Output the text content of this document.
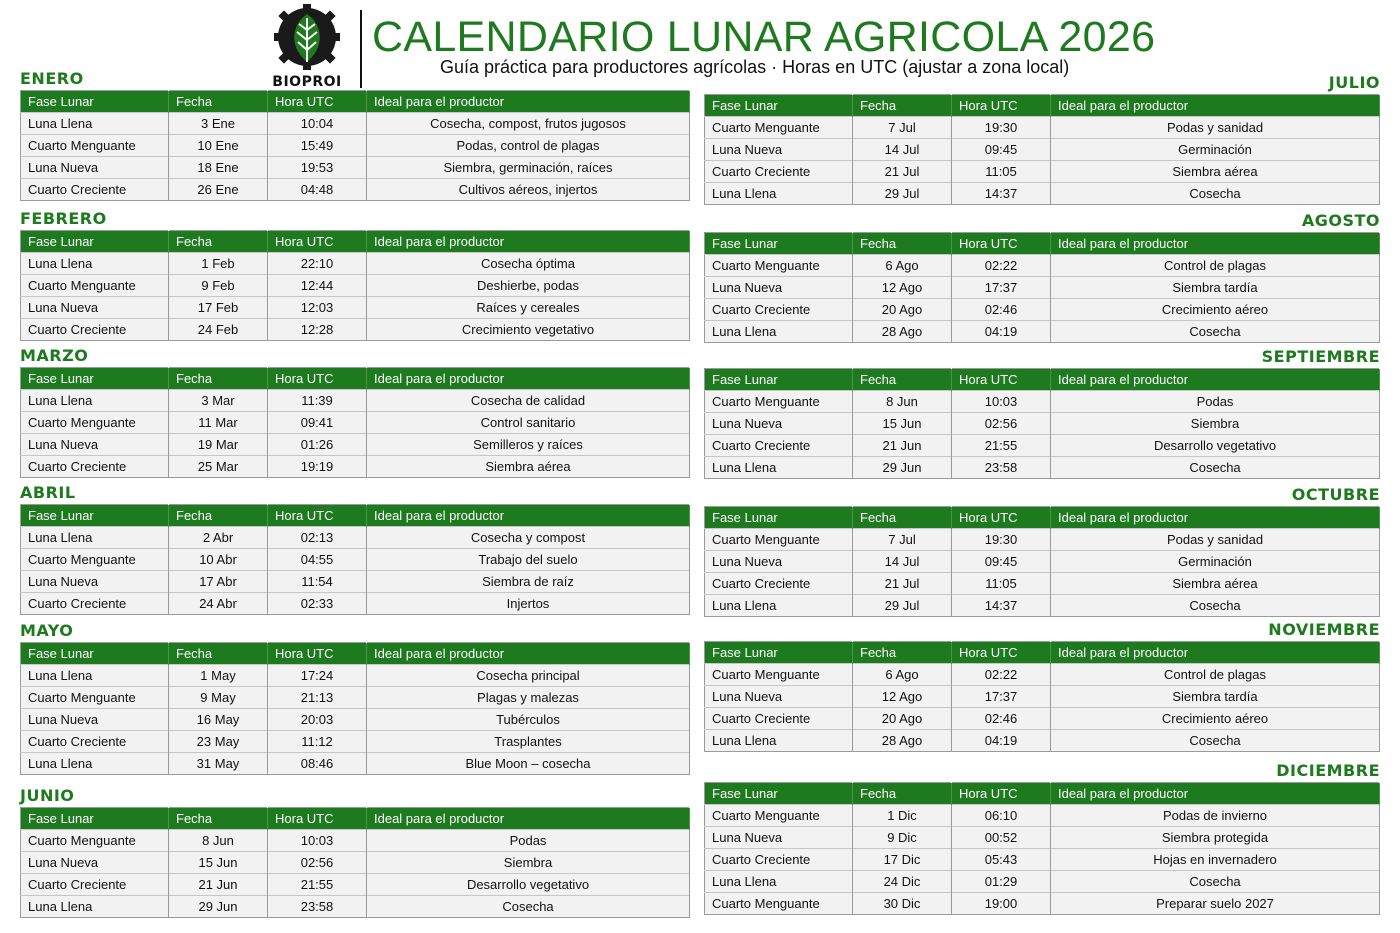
BIOPROI
CALENDARIO LUNAR AGRICOLA 2026

Guía práctica para productores agrícolas · Horas en UTC (ajustar a zona local)

ENERO
Fase Lunar	Fecha	Hora UTC	Ideal para el productor
Luna Llena	3 Ene	10:04	Cosecha, compost, frutos jugosos
Cuarto Menguante	10 Ene	15:49	Podas, control de plagas
Luna Nueva	18 Ene	19:53	Siembra, germinación, raíces
Cuarto Creciente	26 Ene	04:48	Cultivos aéreos, injertos
FEBRERO
Fase Lunar	Fecha	Hora UTC	Ideal para el productor
Luna Llena	1 Feb	22:10	Cosecha óptima
Cuarto Menguante	9 Feb	12:44	Deshierbe, podas
Luna Nueva	17 Feb	12:03	Raíces y cereales
Cuarto Creciente	24 Feb	12:28	Crecimiento vegetativo
MARZO
Fase Lunar	Fecha	Hora UTC	Ideal para el productor
Luna Llena	3 Mar	11:39	Cosecha de calidad
Cuarto Menguante	11 Mar	09:41	Control sanitario
Luna Nueva	19 Mar	01:26	Semilleros y raíces
Cuarto Creciente	25 Mar	19:19	Siembra aérea
ABRIL
Fase Lunar	Fecha	Hora UTC	Ideal para el productor
Luna Llena	2 Abr	02:13	Cosecha y compost
Cuarto Menguante	10 Abr	04:55	Trabajo del suelo
Luna Nueva	17 Abr	11:54	Siembra de raíz
Cuarto Creciente	24 Abr	02:33	Injertos
MAYO
Fase Lunar	Fecha	Hora UTC	Ideal para el productor
Luna Llena	1 May	17:24	Cosecha principal
Cuarto Menguante	9 May	21:13	Plagas y malezas
Luna Nueva	16 May	20:03	Tubérculos
Cuarto Creciente	23 May	11:12	Trasplantes
Luna Llena	31 May	08:46	Blue Moon – cosecha
JUNIO
Fase Lunar	Fecha	Hora UTC	Ideal para el productor
Cuarto Menguante	8 Jun	10:03	Podas
Luna Nueva	15 Jun	02:56	Siembra
Cuarto Creciente	21 Jun	21:55	Desarrollo vegetativo
Luna Llena	29 Jun	23:58	Cosecha
JULIO
Fase Lunar	Fecha	Hora UTC	Ideal para el productor
Cuarto Menguante	7 Jul	19:30	Podas y sanidad
Luna Nueva	14 Jul	09:45	Germinación
Cuarto Creciente	21 Jul	11:05	Siembra aérea
Luna Llena	29 Jul	14:37	Cosecha
AGOSTO
Fase Lunar	Fecha	Hora UTC	Ideal para el productor
Cuarto Menguante	6 Ago	02:22	Control de plagas
Luna Nueva	12 Ago	17:37	Siembra tardía
Cuarto Creciente	20 Ago	02:46	Crecimiento aéreo
Luna Llena	28 Ago	04:19	Cosecha
SEPTIEMBRE
Fase Lunar	Fecha	Hora UTC	Ideal para el productor
Cuarto Menguante	8 Jun	10:03	Podas
Luna Nueva	15 Jun	02:56	Siembra
Cuarto Creciente	21 Jun	21:55	Desarrollo vegetativo
Luna Llena	29 Jun	23:58	Cosecha
OCTUBRE
Fase Lunar	Fecha	Hora UTC	Ideal para el productor
Cuarto Menguante	7 Jul	19:30	Podas y sanidad
Luna Nueva	14 Jul	09:45	Germinación
Cuarto Creciente	21 Jul	11:05	Siembra aérea
Luna Llena	29 Jul	14:37	Cosecha
NOVIEMBRE
Fase Lunar	Fecha	Hora UTC	Ideal para el productor
Cuarto Menguante	6 Ago	02:22	Control de plagas
Luna Nueva	12 Ago	17:37	Siembra tardía
Cuarto Creciente	20 Ago	02:46	Crecimiento aéreo
Luna Llena	28 Ago	04:19	Cosecha
DICIEMBRE
Fase Lunar	Fecha	Hora UTC	Ideal para el productor
Cuarto Menguante	1 Dic	06:10	Podas de invierno
Luna Nueva	9 Dic	00:52	Siembra protegida
Cuarto Creciente	17 Dic	05:43	Hojas en invernadero
Luna Llena	24 Dic	01:29	Cosecha
Cuarto Menguante	30 Dic	19:00	Preparar suelo 2027
